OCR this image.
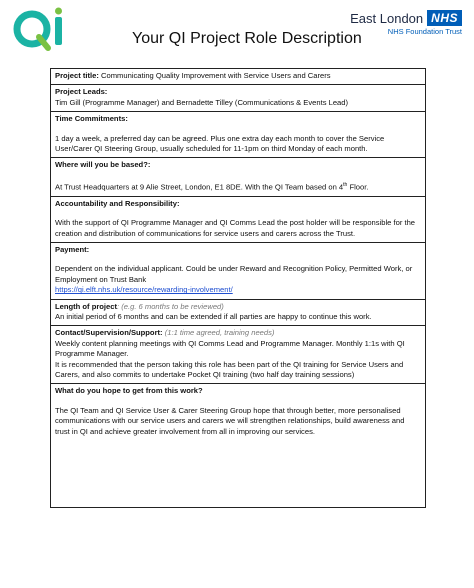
Your QI Project Role Description
East London NHS
NHS Foundation Trust
Project title: Communicating Quality Improvement with Service Users and Carers
Project Leads:

Tim Gill (Programme Manager) and Bernadette Tilley (Communications & Events Lead)

Time Commitments:

1 day a week, a preferred day can be agreed. Plus one extra day each month to cover the Service User/Carer QI Steering Group, usually scheduled for 11-1pm on third Monday of each month.

Where will you be based?:

At Trust Headquarters at 9 Alie Street, London, E1 8DE. With the QI Team based on 4th Floor.

Accountability and Responsibility:

With the support of QI Programme Manager and QI Comms Lead the post holder will be responsible for the creation and distribution of communications for service users and carers across the Trust.

Payment:

Dependent on the individual applicant. Could be under Reward and Recognition Policy, Permitted Work, or Employment on Trust Bank

https://qi.elft.nhs.uk/resource/rewarding-involvement/
Length of project: (e.g. 6 months to be reviewed)

An initial period of 6 months and can be extended if all parties are happy to continue this work.

Contact/Supervision/Support: (1:1 time agreed, training needs)

Weekly content planning meetings with QI Comms Lead and Programme Manager. Monthly 1:1s with QI Programme Manager.

It is recommended that the person taking this role has been part of the QI training for Service Users and Carers, and also commits to undertake Pocket QI training (two half day training sessions)

What do you hope to get from this work?

The QI Team and QI Service User & Carer Steering Group hope that through better, more personalised communications with our service users and carers we will strengthen relationships, build awareness and trust in QI and achieve greater involvement from all in improving our services.
